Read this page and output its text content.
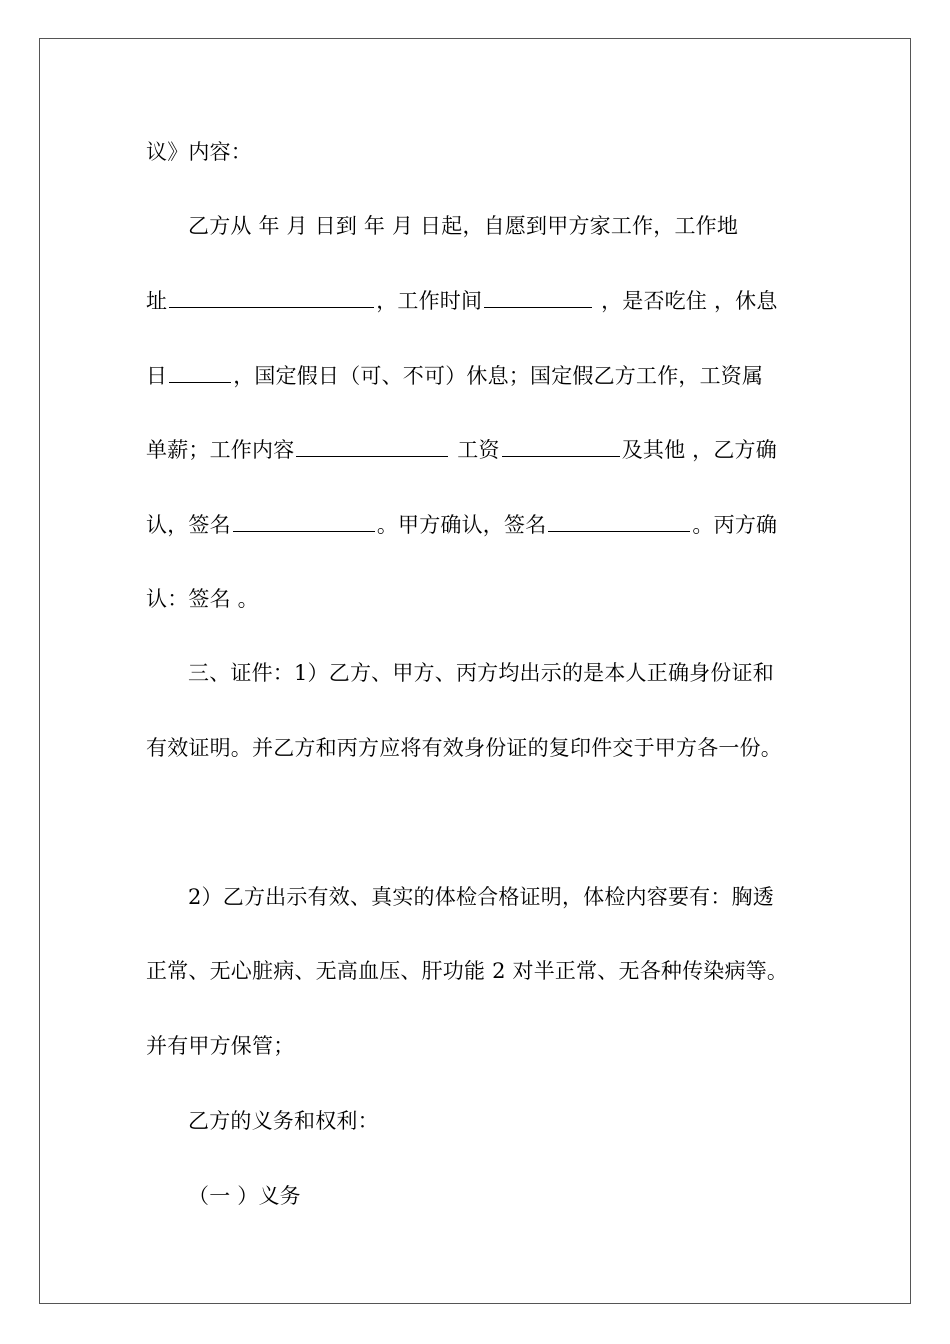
议》内容：
乙方从 年 月 日到 年 月 日起，自愿到甲方家工作，工作地
址	，工作时间	，是否吃住 ，休息
日	，国定假日（可、不可）休息；国定假乙方工作，工资属
单薪；工作内容	工资	及其他 ，乙方确
认，签名	。甲方确认，签名	。丙方确
认：签名 。
三、证件：1）乙方、甲方、丙方均出示的是本人正确身份证和
有效证明。并乙方和丙方应将有效身份证的复印件交于甲方各一份。
2）乙方出示有效、真实的体检合格证明，体检内容要有：胸透
正常、无心脏病、无高血压、肝功能 2 对半正常、无各种传染病等。
并有甲方保管；
乙方的义务和权利：
（一 ）义务
